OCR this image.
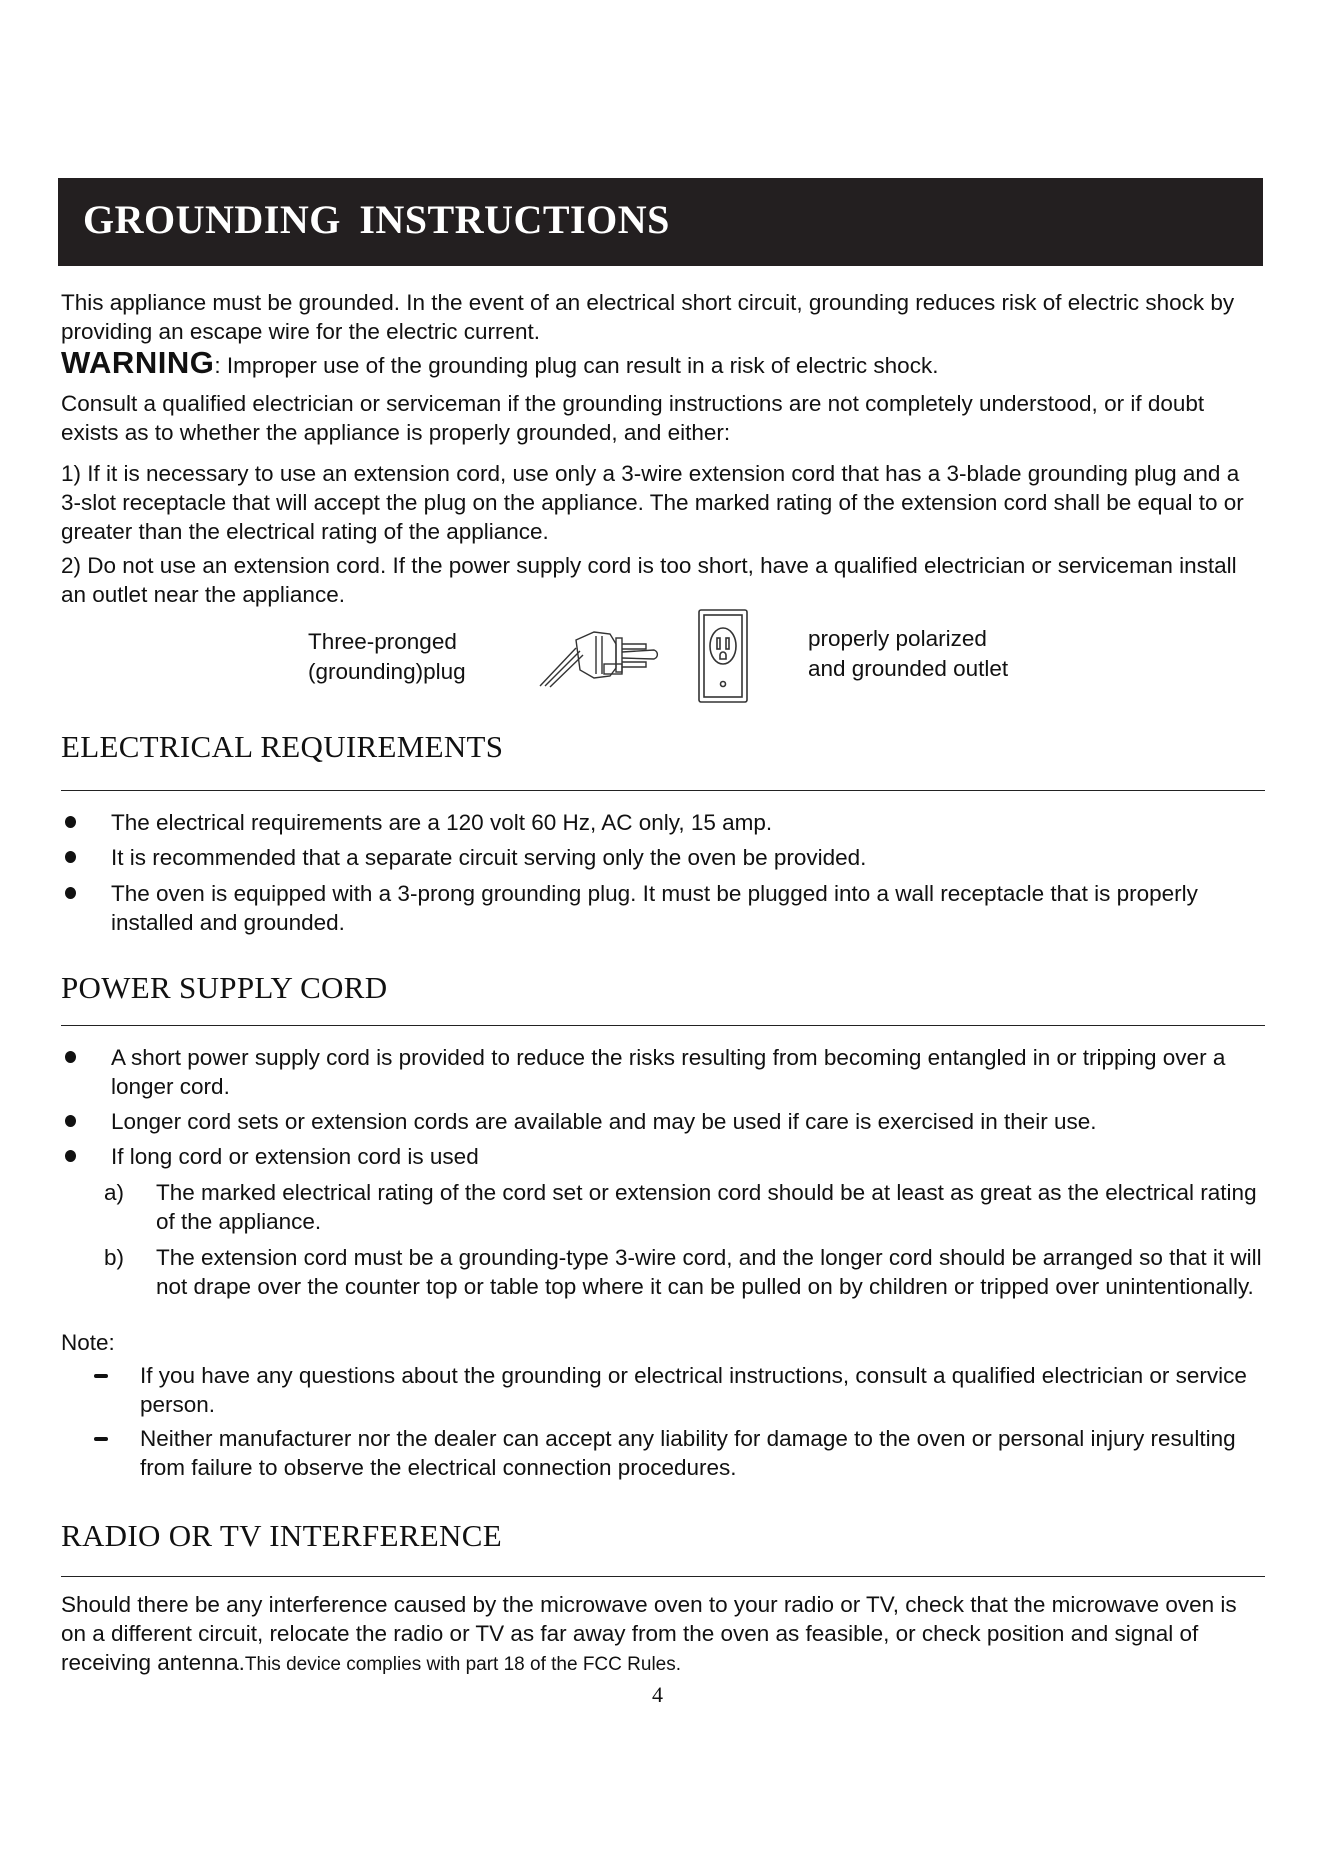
GROUNDING INSTRUCTIONS
This appliance must be grounded. In the event of an electrical short circuit, grounding reduces risk of electric shock by providing an escape wire for the electric current.
WARNING: Improper use of the grounding plug can result in a risk of electric shock.
Consult a qualified electrician or serviceman if the grounding instructions are not completely understood, or if doubt exists as to whether the appliance is properly grounded, and either:
1) If it is necessary to use an extension cord, use only a 3-wire extension cord that has a 3-blade grounding plug and a 3-slot receptacle that will accept the plug on the appliance. The marked rating of the extension cord shall be equal to or greater than the electrical rating of the appliance.
2) Do not use an extension cord. If the power supply cord is too short, have a qualified electrician or serviceman install an outlet near the appliance.
Three-pronged
(grounding)plug
properly polarized
and grounded outlet
ELECTRICAL REQUIREMENTS
The electrical requirements are a 120 volt 60 Hz, AC only, 15 amp.
It is recommended that a separate circuit serving only the oven be provided.
The oven is equipped with a 3-prong grounding plug. It must be plugged into a wall receptacle that is properly installed and grounded.
POWER SUPPLY CORD
A short power supply cord is provided to reduce the risks resulting from becoming entangled in or tripping over a longer cord.
Longer cord sets or extension cords are available and may be used if care is exercised in their use.
If long cord or extension cord is used
a) The marked electrical rating of the cord set or extension cord should be at least as great as the electrical rating of the appliance.
b) The extension cord must be a grounding-type 3-wire cord, and the longer cord should be arranged so that it will not drape over the counter top or table top where it can be pulled on by children or tripped over unintentionally.
Note:
If you have any questions about the grounding or electrical instructions, consult a qualified electrician or service person.
Neither manufacturer nor the dealer can accept any liability for damage to the oven or personal injury resulting from failure to observe the electrical connection procedures.
RADIO OR TV INTERFERENCE
Should there be any interference caused by the microwave oven to your radio or TV, check that the microwave oven is on a different circuit, relocate the radio or TV as far away from the oven as feasible, or check position and signal of receiving antenna.This device complies with part 18 of the FCC Rules.
4
